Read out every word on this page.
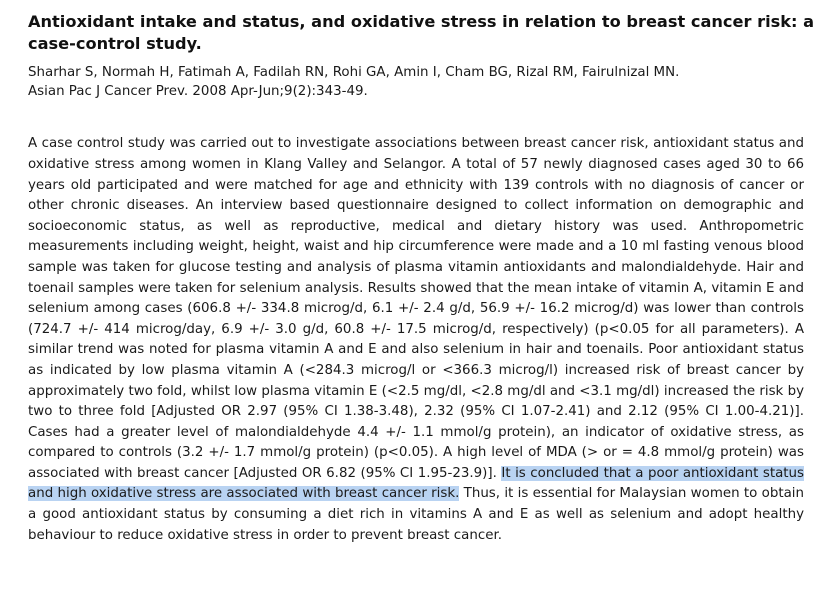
Antioxidant intake and status, and oxidative stress in relation to breast cancer risk: a case-control study.
Sharhar S, Normah H, Fatimah A, Fadilah RN, Rohi GA, Amin I, Cham BG, Rizal RM, Fairulnizal MN.
Asian Pac J Cancer Prev. 2008 Apr-Jun;9(2):343-49.

A case control study was carried out to investigate associations between breast cancer risk, antioxidant status and oxidative stress among women in Klang Valley and Selangor. A total of 57 newly diagnosed cases aged 30 to 66 years old participated and were matched for age and ethnicity with 139 controls with no diagnosis of cancer or other chronic diseases. An interview based questionnaire designed to collect information on demographic and socioeconomic status, as well as reproductive, medical and dietary history was used. Anthropometric measurements including weight, height, waist and hip circumference were made and a 10 ml fasting venous blood sample was taken for glucose testing and analysis of plasma vitamin antioxidants and malondialdehyde. Hair and toenail samples were taken for selenium analysis. Results showed that the mean intake of vitamin A, vitamin E and selenium among cases (606.8 +/- 334.8 microg/d, 6.1 +/- 2.4 g/d, 56.9 +/- 16.2 microg/d) was lower than controls (724.7 +/- 414 microg/day, 6.9 +/- 3.0 g/d, 60.8 +/- 17.5 microg/d, respectively) (p<0.05 for all parameters). A similar trend was noted for plasma vitamin A and E and also selenium in hair and toenails. Poor antioxidant status as indicated by low plasma vitamin A (<284.3 microg/l or <366.3 microg/l) increased risk of breast cancer by approximately two fold, whilst low plasma vitamin E (<2.5 mg/dl, <2.8 mg/dl and <3.1 mg/dl) increased the risk by two to three fold [Adjusted OR 2.97 (95% CI 1.38-3.48), 2.32 (95% CI 1.07-2.41) and 2.12 (95% CI 1.00-4.21)]. Cases had a greater level of malondialdehyde 4.4 +/- 1.1 mmol/g protein), an indicator of oxidative stress, as compared to controls (3.2 +/- 1.7 mmol/g protein) (p<0.05). A high level of MDA (> or = 4.8 mmol/g protein) was associated with breast cancer [Adjusted OR 6.82 (95% CI 1.95-23.9)]. It is concluded that a poor antioxidant status and high oxidative stress are associated with breast cancer risk. Thus, it is essential for Malaysian women to obtain a good antioxidant status by consuming a diet rich in vitamins A and E as well as selenium and adopt healthy behaviour to reduce oxidative stress in order to prevent breast cancer.
